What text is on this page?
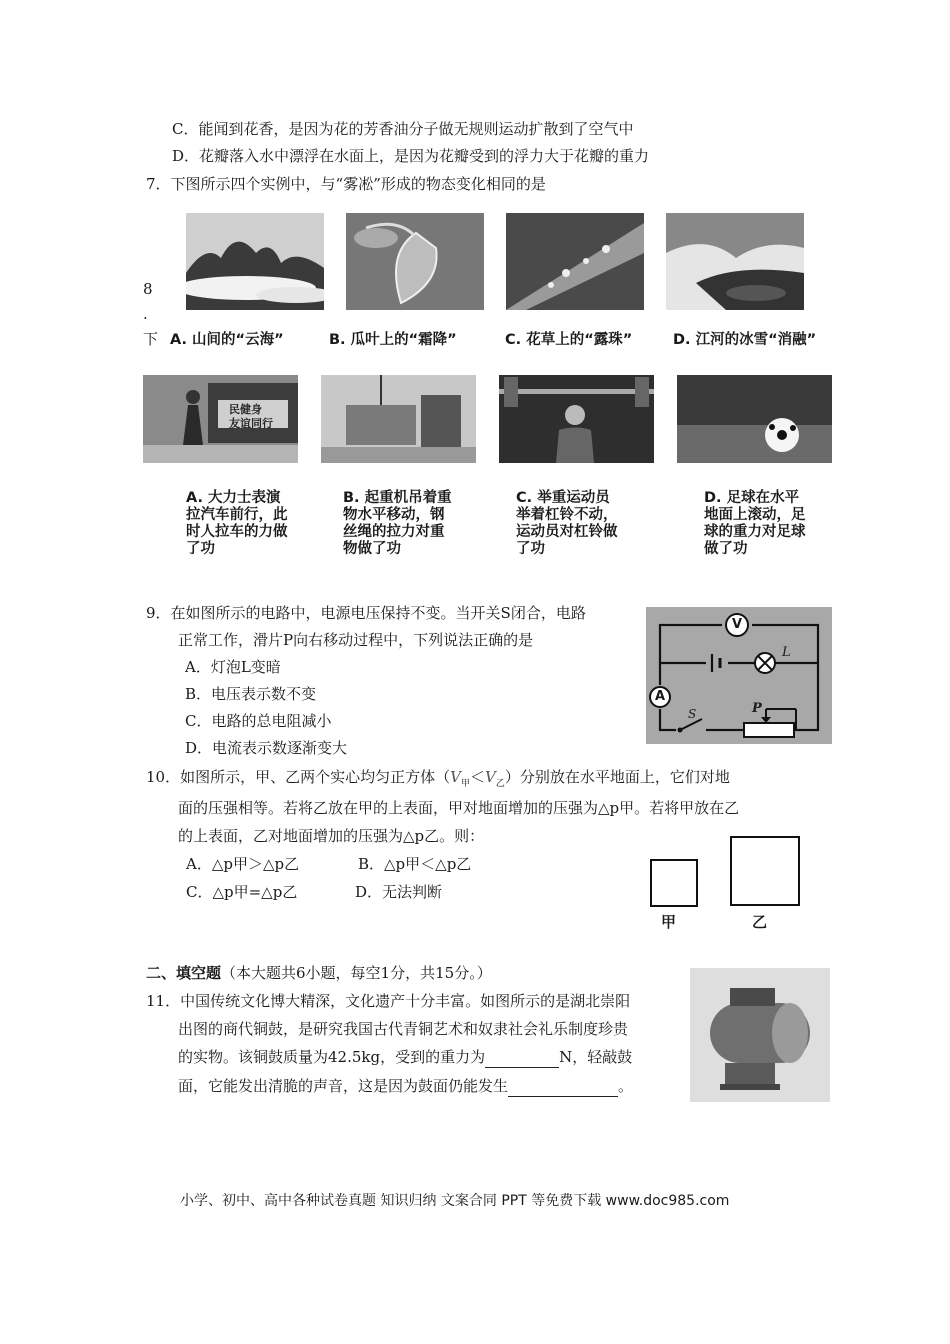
C．能闻到花香，是因为花的芳香油分子做无规则运动扩散到了空气中
D．花瓣落入水中漂浮在水面上，是因为花瓣受到的浮力大于花瓣的重力
7．下图所示四个实例中，与“雾凇”形成的物态变化相同的是
8
.
下 A. 山间的“云海”	B. 瓜叶上的“霜降”	C. 花草上的“露珠”	D. 江河的冰雪“消融”
民健身
友谊同行
A. 大力士表演
拉汽车前行，此
时人拉车的力做
了功
B. 起重机吊着重
物水平移动，钢
丝绳的拉力对重
物做了功
C. 举重运动员
举着杠铃不动，
运动员对杠铃做
了功
D. 足球在水平
地面上滚动，足
球的重力对足球
做了功
9．在如图所示的电路中，电源电压保持不变。当开关S闭合，电路
正常工作，滑片P向右移动过程中，下列说法正确的是
A．灯泡L变暗
B．电压表示数不变
C．电路的总电阻减小
D．电流表示数逐渐变大
V
A
L
S	P
10．如图所示，甲、乙两个实心均匀正方体$(V_甲<V_乙)$分别放在水平地面上，它们对地
面的压强相等。若将乙放在甲的上表面，甲对地面增加的压强为△p甲。若将甲放在乙
的上表面，乙对地面增加的压强为△p乙。则：
A．△p甲＞△p乙	B．△p甲＜△p乙
C．△p甲=△p乙	D．无法判断
甲	乙
二、填空题（本大题共6小题，每空1分，共15分。）
11．中国传统文化博大精深，文化遗产十分丰富。如图所示的是湖北崇阳
出图的商代铜鼓，是研究我国古代青铜艺术和奴隶社会礼乐制度珍贵
的实物。该铜鼓质量为42.5kg，受到的重力为	N，轻敲鼓
面，它能发出清脆的声音，这是因为鼓面仍能发生	。
小学、初中、高中各种试卷真题 知识归纳 文案合同 PPT 等免费下载 www.doc985.com
